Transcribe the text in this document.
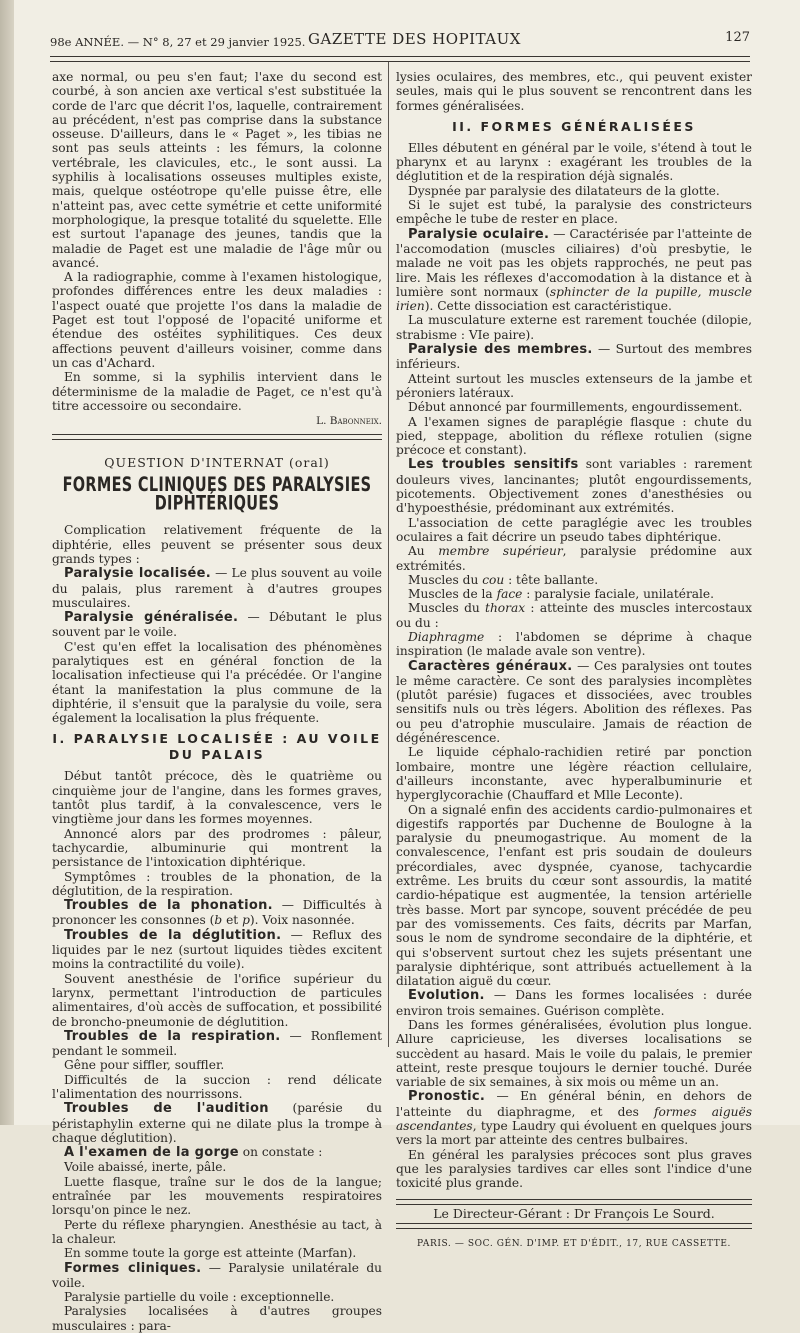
98e ANNÉE. — N° 8, 27 et 29 janvier 1925. GAZETTE DES HOPITAUX	127

axe normal, ou peu s'en faut; l'axe du second est courbé, à son ancien axe vertical s'est substituée la corde de l'arc que décrit l'os, laquelle, contrairement au précédent, n'est pas comprise dans la substance osseuse. D'ailleurs, dans le « Paget », les tibias ne sont pas seuls atteints : les fémurs, la colonne vertébrale, les clavicules, etc., le sont aussi. La syphilis à localisations osseuses multiples existe, mais, quelque ostéotrope qu'elle puisse être, elle n'atteint pas, avec cette symétrie et cette uniformité morphologique, la presque totalité du squelette. Elle est surtout l'apanage des jeunes, tandis que la maladie de Paget est une maladie de l'âge mûr ou avancé.

A la radiographie, comme à l'examen histologique, profondes différences entre les deux maladies : l'aspect ouaté que projette l'os dans la maladie de Paget est tout l'opposé de l'opacité uniforme et étendue des ostéites syphilitiques. Ces deux affections peuvent d'ailleurs voisiner, comme dans un cas d'Achard.

En somme, si la syphilis intervient dans le déterminisme de la maladie de Paget, ce n'est qu'à titre accessoire ou secondaire.

L. Babonneix.
QUESTION D'INTERNAT (oral)
FORMES CLINIQUES DES PARALYSIES DIPHTÉRIQUES

Complication relativement fréquente de la diphtérie, elles peuvent se présenter sous deux grands types :

Paralysie localisée. — Le plus souvent au voile du palais, plus rarement à d'autres groupes musculaires.

Paralysie généralisée. — Débutant le plus souvent par le voile.

C'est qu'en effet la localisation des phénomènes paralytiques est en général fonction de la localisation infectieuse qui l'a précédée. Or l'angine étant la manifestation la plus commune de la diphtérie, il s'ensuit que la paralysie du voile, sera également la localisation la plus fréquente.

I. PARALYSIE LOCALISÉE : AU VOILE DU PALAIS

Début tantôt précoce, dès le quatrième ou cinquième jour de l'angine, dans les formes graves, tantôt plus tardif, à la convalescence, vers le vingtième jour dans les formes moyennes.

Annoncé alors par des prodromes : pâleur, tachycardie, albuminurie qui montrent la persistance de l'intoxication diphtérique.

Symptômes : troubles de la phonation, de la déglutition, de la respiration.

Troubles de la phonation. — Difficultés à prononcer les consonnes (b et p). Voix nasonnée.

Troubles de la déglutition. — Reflux des liquides par le nez (surtout liquides tièdes excitent moins la contractilité du voile).

Souvent anesthésie de l'orifice supérieur du larynx, permettant l'introduction de particules alimentaires, d'où accès de suffocation, et possibilité de broncho-pneumonie de déglutition.

Troubles de la respiration. — Ronflement pendant le sommeil.

Gêne pour siffler, souffler.

Difficultés de la succion : rend délicate l'alimentation des nourrissons.

Troubles de l'audition (parésie du péristaphylin externe qui ne dilate plus la trompe à chaque déglutition).

A l'examen de la gorge on constate :

Voile abaissé, inerte, pâle.

Luette flasque, traîne sur le dos de la langue; entraînée par les mouvements respiratoires lorsqu'on pince le nez.

Perte du réflexe pharyngien. Anesthésie au tact, à la chaleur.

En somme toute la gorge est atteinte (Marfan).

Formes cliniques. — Paralysie unilatérale du voile.

Paralysie partielle du voile : exceptionnelle.

Paralysies localisées à d'autres groupes musculaires : para-

lysies oculaires, des membres, etc., qui peuvent exister seules, mais qui le plus souvent se rencontrent dans les formes généralisées.

II. FORMES GÉNÉRALISÉES

Elles débutent en général par le voile, s'étend à tout le pharynx et au larynx : exagérant les troubles de la déglutition et de la respiration déjà signalés.

Dyspnée par paralysie des dilatateurs de la glotte.

Si le sujet est tubé, la paralysie des constricteurs empêche le tube de rester en place.

Paralysie oculaire. — Caractérisée par l'atteinte de l'accomodation (muscles ciliaires) d'où presbytie, le malade ne voit pas les objets rapprochés, ne peut pas lire. Mais les réflexes d'accomodation à la distance et à lumière sont normaux (sphincter de la pupille, muscle irien). Cette dissociation est caractéristique.

La musculature externe est rarement touchée (dilopie, strabisme : VIe paire).

Paralysie des membres. — Surtout des membres inférieurs.

Atteint surtout les muscles extenseurs de la jambe et péroniers latéraux.

Début annoncé par fourmillements, engourdissement.

A l'examen signes de paraplégie flasque : chute du pied, steppage, abolition du réflexe rotulien (signe précoce et constant).

Les troubles sensitifs sont variables : rarement douleurs vives, lancinantes; plutôt engourdissements, picotements. Objectivement zones d'anesthésies ou d'hypoesthésie, prédominant aux extrémités.

L'association de cette paraglégie avec les troubles oculaires a fait décrire un pseudo tabes diphtérique.

Au membre supérieur, paralysie prédomine aux extrémités.

Muscles du cou : tête ballante.

Muscles de la face : paralysie faciale, unilatérale.

Muscles du thorax : atteinte des muscles intercostaux ou du :

Diaphragme : l'abdomen se déprime à chaque inspiration (le malade avale son ventre).

Caractères généraux. — Ces paralysies ont toutes le même caractère. Ce sont des paralysies incomplètes (plutôt parésie) fugaces et dissociées, avec troubles sensitifs nuls ou très légers. Abolition des réflexes. Pas ou peu d'atrophie musculaire. Jamais de réaction de dégénérescence.

Le liquide céphalo-rachidien retiré par ponction lombaire, montre une légère réaction cellulaire, d'ailleurs inconstante, avec hyperalbuminurie et hyperglycorachie (Chauffard et Mlle Leconte).

On a signalé enfin des accidents cardio-pulmonaires et digestifs rapportés par Duchenne de Boulogne à la paralysie du pneumogastrique. Au moment de la convalescence, l'enfant est pris soudain de douleurs précordiales, avec dyspnée, cyanose, tachycardie extrême. Les bruits du cœur sont assourdis, la matité cardio-hépatique est augmentée, la tension artérielle très basse. Mort par syncope, souvent précédée de peu par des vomissements. Ces faits, décrits par Marfan, sous le nom de syndrome secondaire de la diphtérie, et qui s'observent surtout chez les sujets présentant une paralysie diphtérique, sont attribués actuellement à la dilatation aiguë du cœur.

Evolution. — Dans les formes localisées : durée environ trois semaines. Guérison complète.

Dans les formes généralisées, évolution plus longue. Allure capricieuse, les diverses localisations se succèdent au hasard. Mais le voile du palais, le premier atteint, reste presque toujours le dernier touché. Durée variable de six semaines, à six mois ou même un an.

Pronostic. — En général bénin, en dehors de l'atteinte du diaphragme, et des formes aiguës ascendantes, type Laudry qui évoluent en quelques jours vers la mort par atteinte des centres bulbaires.

En général les paralysies précoces sont plus graves que les paralysies tardives car elles sont l'indice d'une toxicité plus grande.

Le Directeur-Gérant : Dr François Le Sourd.
PARIS. — SOC. GÉN. D'IMP. ET D'ÉDIT., 17, RUE CASSETTE.
